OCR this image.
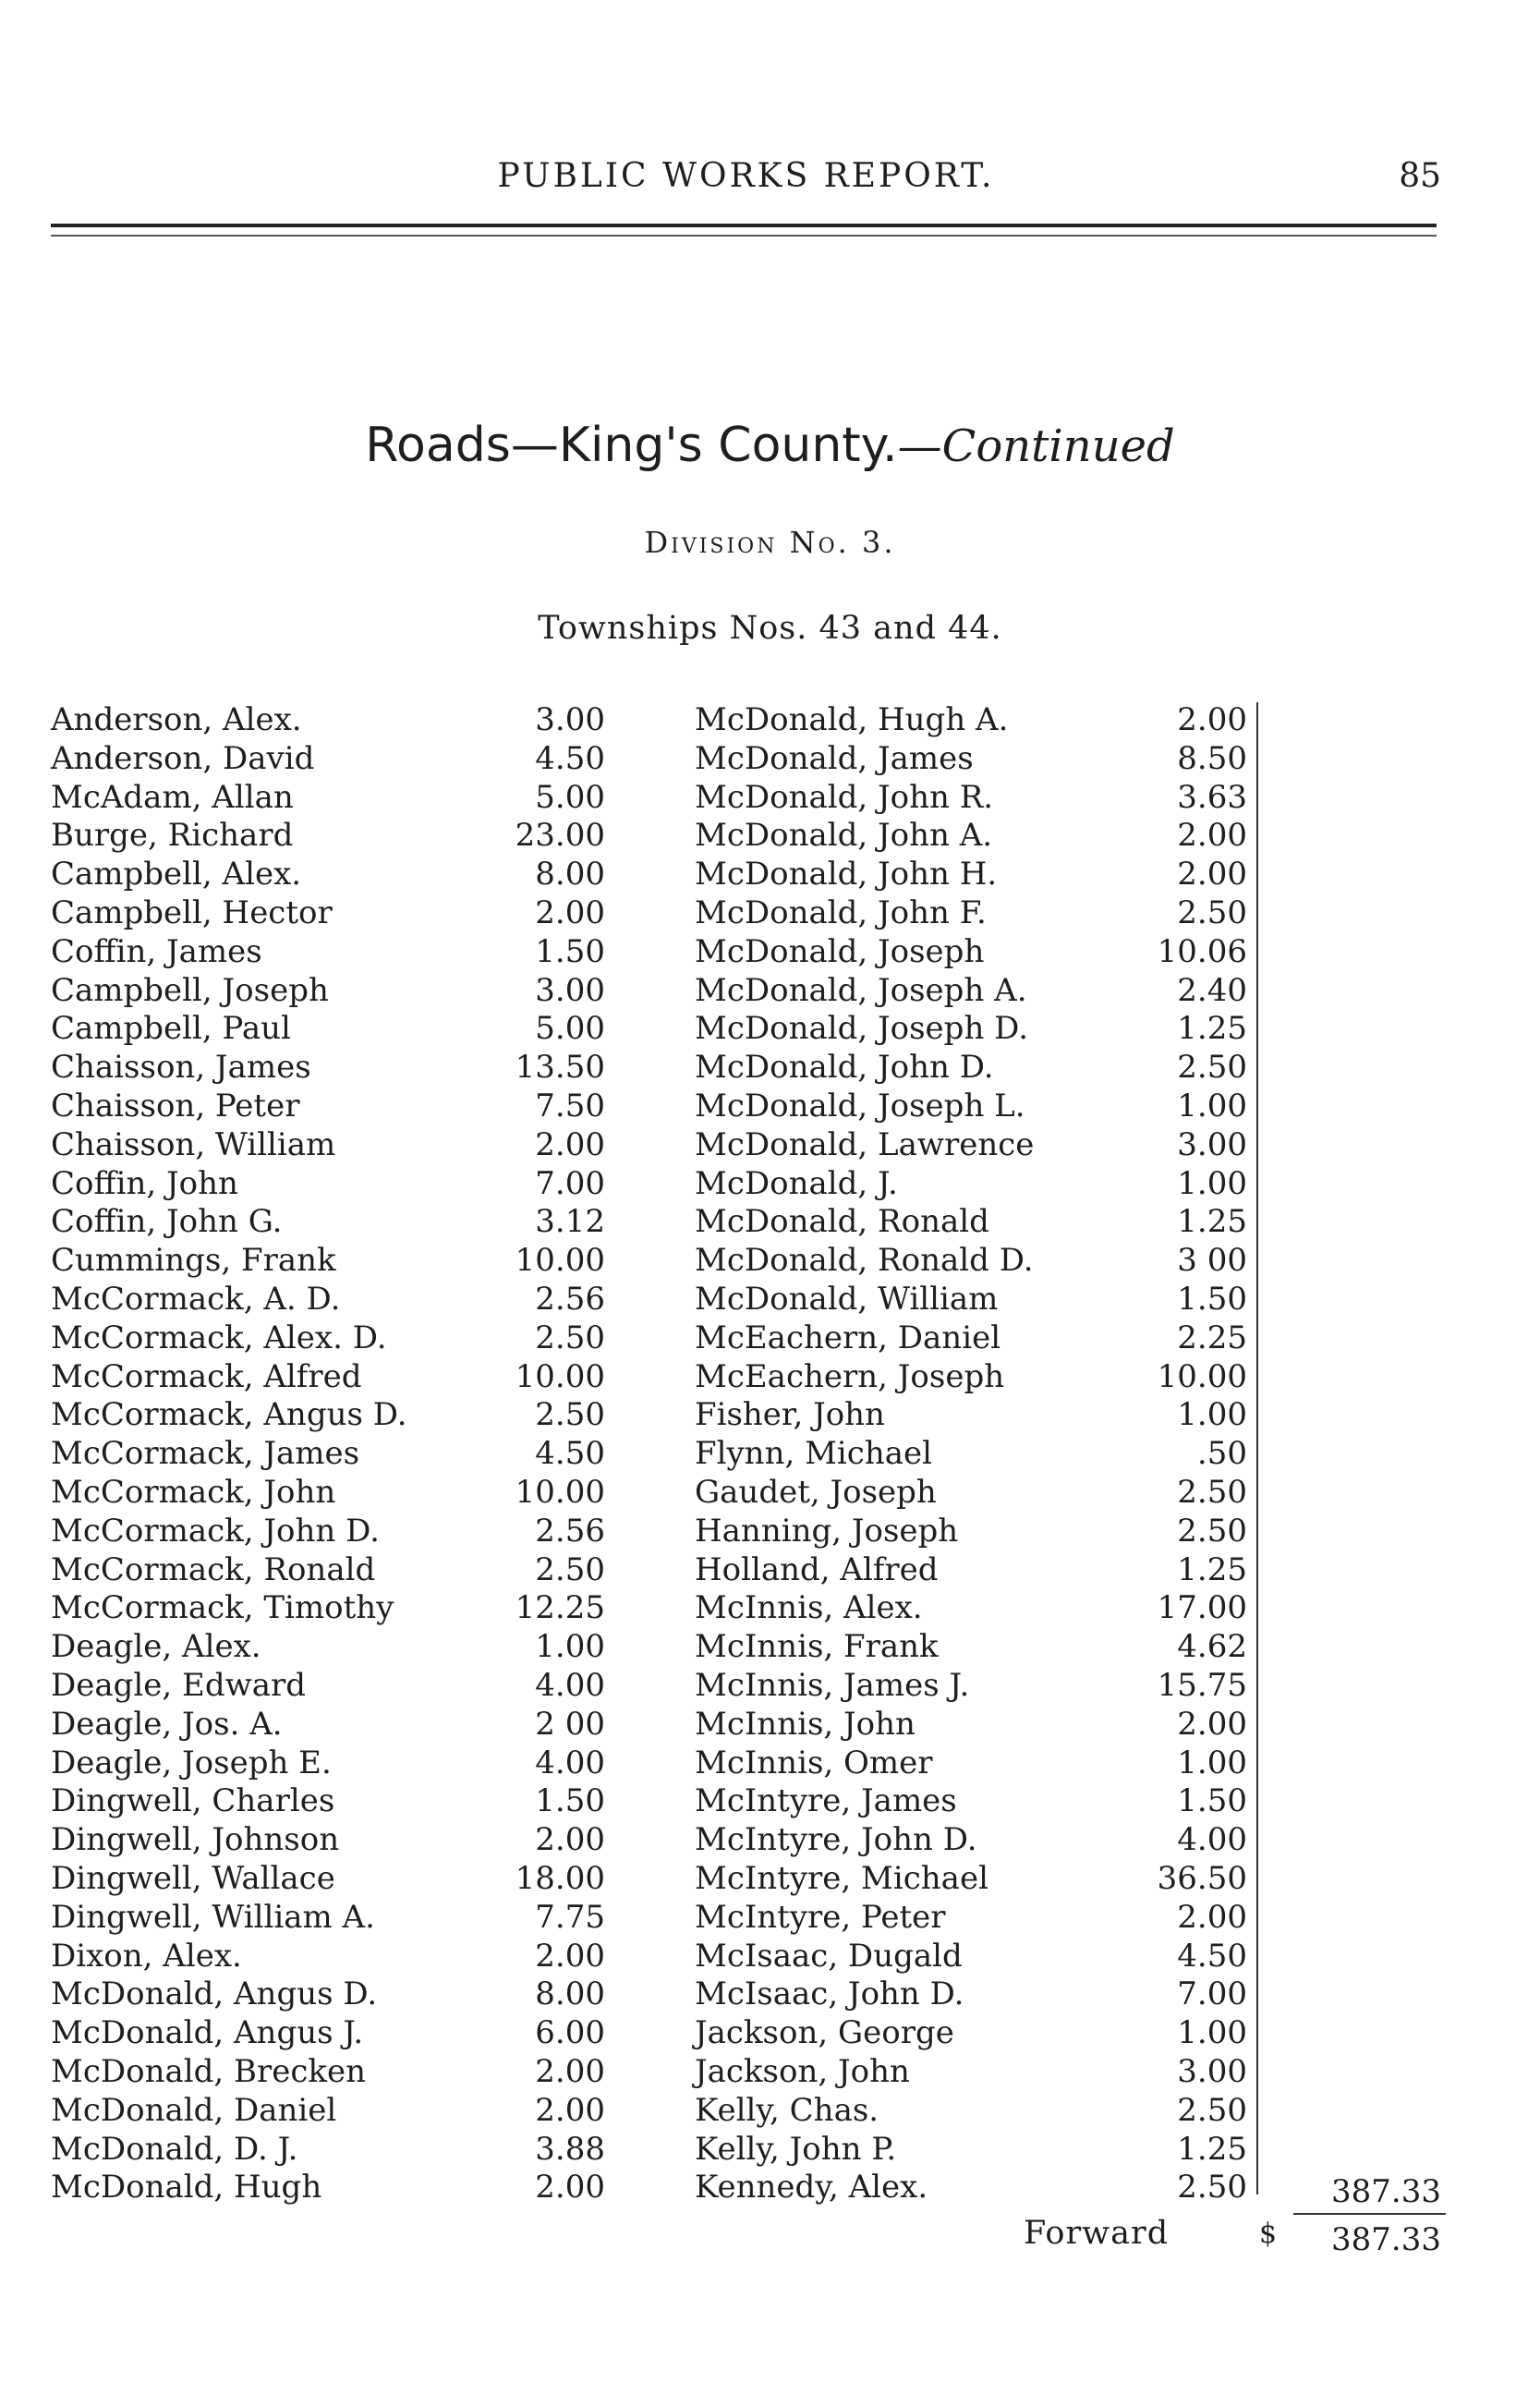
PUBLIC WORKS REPORT.	85
Roads—King's County.—Continued
Division No. 3.
Townships Nos. 43 and 44.
Anderson, Alex.	3.00
Anderson, David	4.50
McAdam, Allan	5.00
Burge, Richard	23.00
Campbell, Alex.	8.00
Campbell, Hector	2.00
Coffin, James	1.50
Campbell, Joseph	3.00
Campbell, Paul	5.00
Chaisson, James	13.50
Chaisson, Peter	7.50
Chaisson, William	2.00
Coffin, John	7.00
Coffin, John G.	3.12
Cummings, Frank	10.00
McCormack, A. D.	2.56
McCormack, Alex. D.	2.50
McCormack, Alfred	10.00
McCormack, Angus D.	2.50
McCormack, James	4.50
McCormack, John	10.00
McCormack, John D.	2.56
McCormack, Ronald	2.50
McCormack, Timothy	12.25
Deagle, Alex.	1.00
Deagle, Edward	4.00
Deagle, Jos. A.	2 00
Deagle, Joseph E.	4.00
Dingwell, Charles	1.50
Dingwell, Johnson	2.00
Dingwell, Wallace	18.00
Dingwell, William A.	7.75
Dixon, Alex.	2.00
McDonald, Angus D.	8.00
McDonald, Angus J.	6.00
McDonald, Brecken	2.00
McDonald, Daniel	2.00
McDonald, D. J.	3.88
McDonald, Hugh	2.00
McDonald, Hugh A.	2.00
McDonald, James	8.50
McDonald, John R.	3.63
McDonald, John A.	2.00
McDonald, John H.	2.00
McDonald, John F.	2.50
McDonald, Joseph	10.06
McDonald, Joseph A.	2.40
McDonald, Joseph D.	1.25
McDonald, John D.	2.50
McDonald, Joseph L.	1.00
McDonald, Lawrence	3.00
McDonald, J.	1.00
McDonald, Ronald	1.25
McDonald, Ronald D.	3 00
McDonald, William	1.50
McEachern, Daniel	2.25
McEachern, Joseph	10.00
Fisher, John	1.00
Flynn, Michael	.50
Gaudet, Joseph	2.50
Hanning, Joseph	2.50
Holland, Alfred	1.25
McInnis, Alex.	17.00
McInnis, Frank	4.62
McInnis, James J.	15.75
McInnis, John	2.00
McInnis, Omer	1.00
McIntyre, James	1.50
McIntyre, John D.	4.00
McIntyre, Michael	36.50
McIntyre, Peter	2.00
McIsaac, Dugald	4.50
McIsaac, John D.	7.00
Jackson, George	1.00
Jackson, John	3.00
Kelly, Chas.	2.50
Kelly, John P.	1.25
Kennedy, Alex.	2.50	387.33
Forward	$	387.33
